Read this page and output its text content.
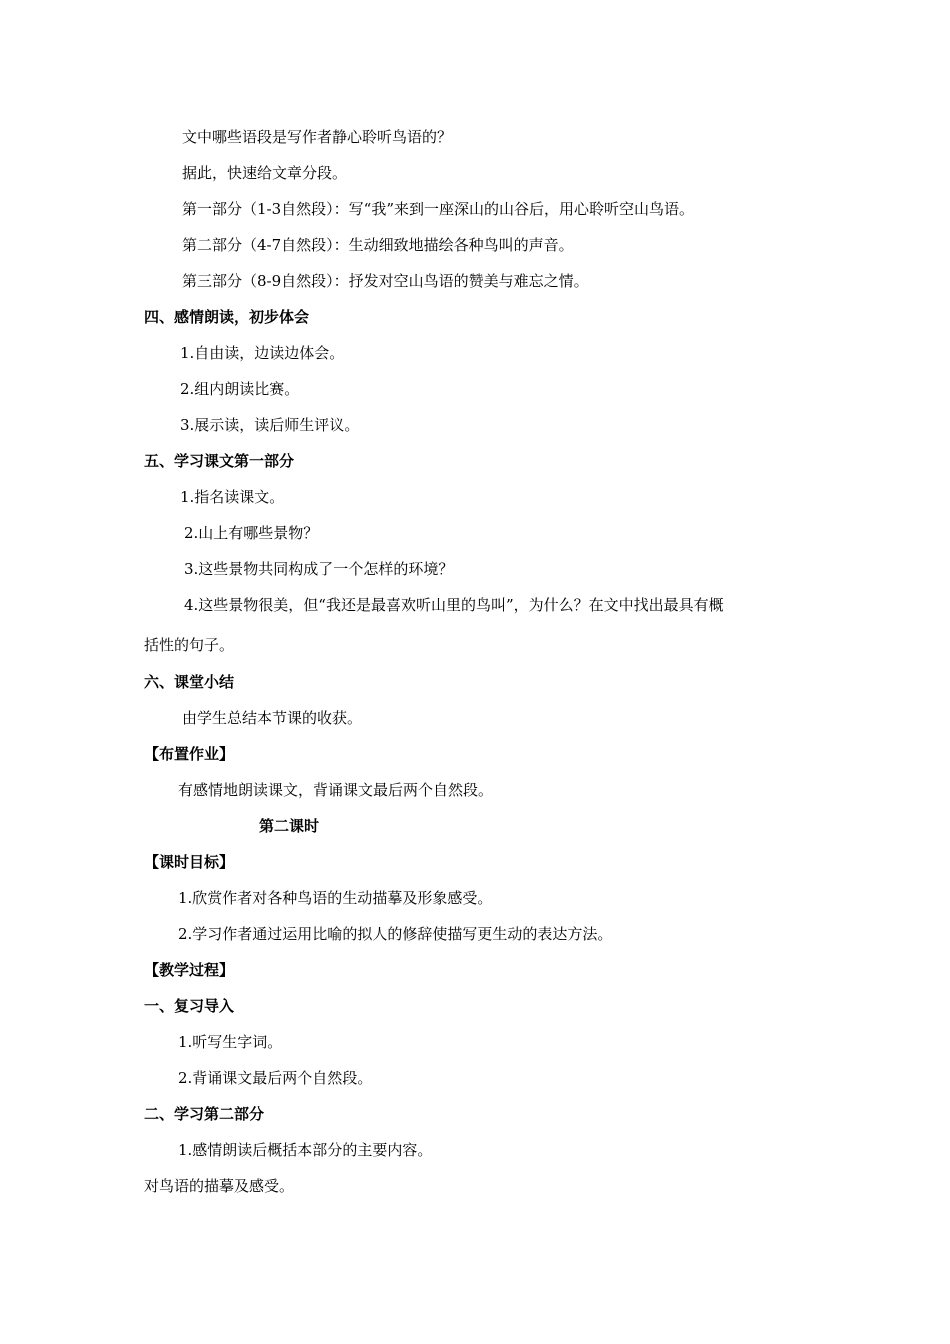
文中哪些语段是写作者静心聆听鸟语的？
据此，快速给文章分段。
第一部分（1-3自然段）：写“我”来到一座深山的山谷后，用心聆听空山鸟语。
第二部分（4-7自然段）：生动细致地描绘各种鸟叫的声音。
第三部分（8-9自然段）：抒发对空山鸟语的赞美与难忘之情。
四、感情朗读，初步体会
1.自由读，边读边体会。
2.组内朗读比赛。
3.展示读，读后师生评议。
五、学习课文第一部分
1.指名读课文。
2.山上有哪些景物？
3.这些景物共同构成了一个怎样的环境？
4.这些景物很美，但“我还是最喜欢听山里的鸟叫”，为什么？在文中找出最具有概
括性的句子。
六、课堂小结
由学生总结本节课的收获。
【布置作业】
有感情地朗读课文，背诵课文最后两个自然段。
第二课时
【课时目标】
1.欣赏作者对各种鸟语的生动描摹及形象感受。
2.学习作者通过运用比喻的拟人的修辞使描写更生动的表达方法。
【教学过程】
一、复习导入
1.听写生字词。
2.背诵课文最后两个自然段。
二、学习第二部分
1.感情朗读后概括本部分的主要内容。
对鸟语的描摹及感受。
